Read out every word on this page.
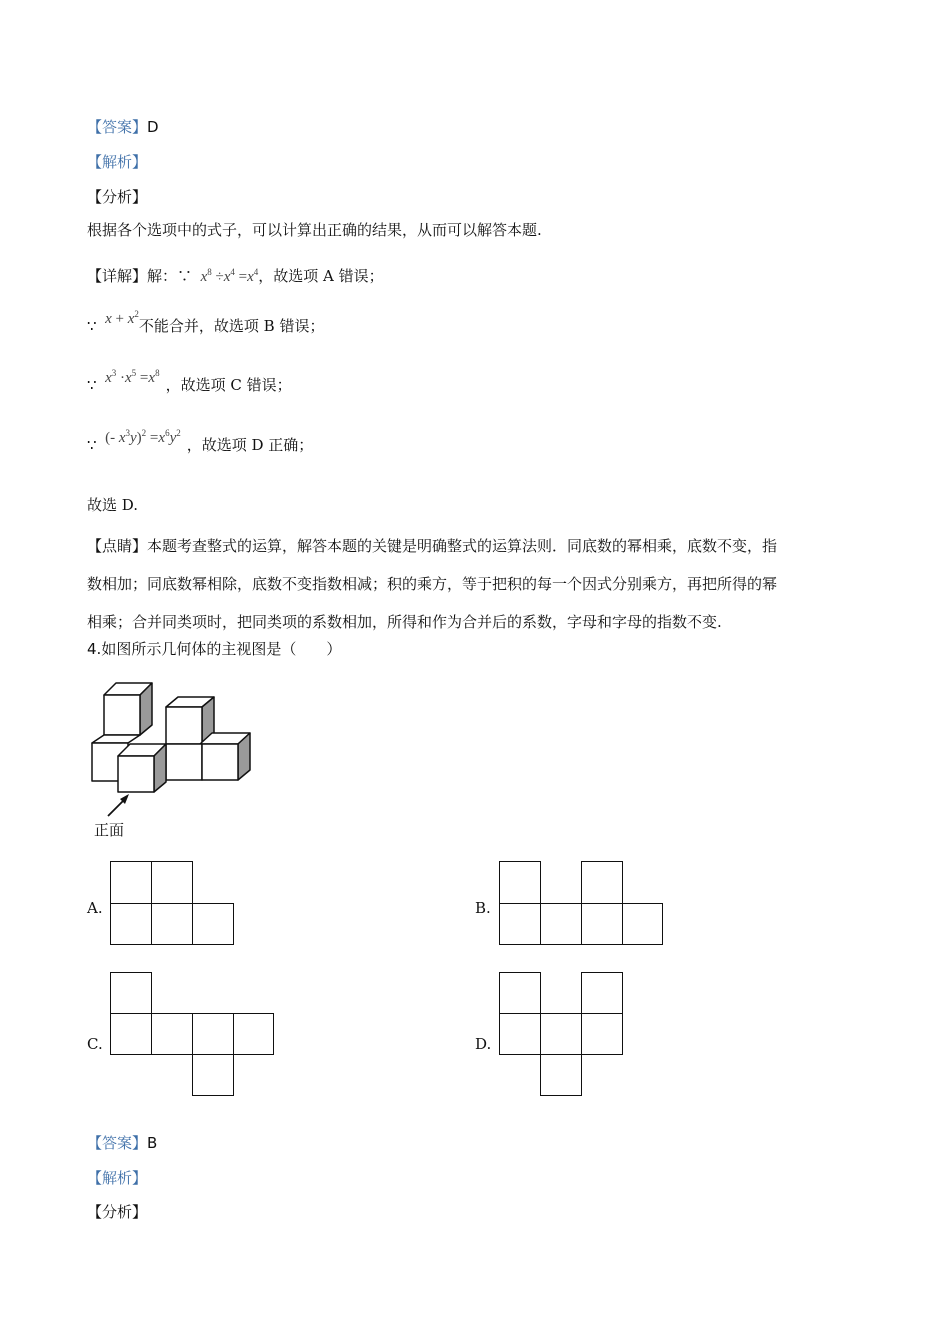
【答案】D
【解析】
【分析】
根据各个选项中的式子，可以计算出正确的结果，从而可以解答本题.
【详解】解：∵  $x^8 \div x^4 =x^4$，故选项 A 错误；
∵  $x + x^2$不能合并，故选项 B 错误；
∵  $x^3 \cdot x^5 =x^8$，故选项 C 错误；
∵ (- $x^3y)^2 =x^6y^2$，故选项 D 正确；
故选 D.
【点睛】本题考查整式的运算，解答本题的关键是明确整式的运算法则．同底数的幂相乘，底数不变，指
数相加；同底数幂相除，底数不变指数相减；积的乘方，等于把积的每一个因式分别乘方，再把所得的幂
相乘；合并同类项时，把同类项的系数相加，所得和作为合并后的系数，字母和字母的指数不变.
4.如图所示几何体的主视图是（　　）
正面
A.	B.
C.	D.
【答案】B
【解析】
【分析】
